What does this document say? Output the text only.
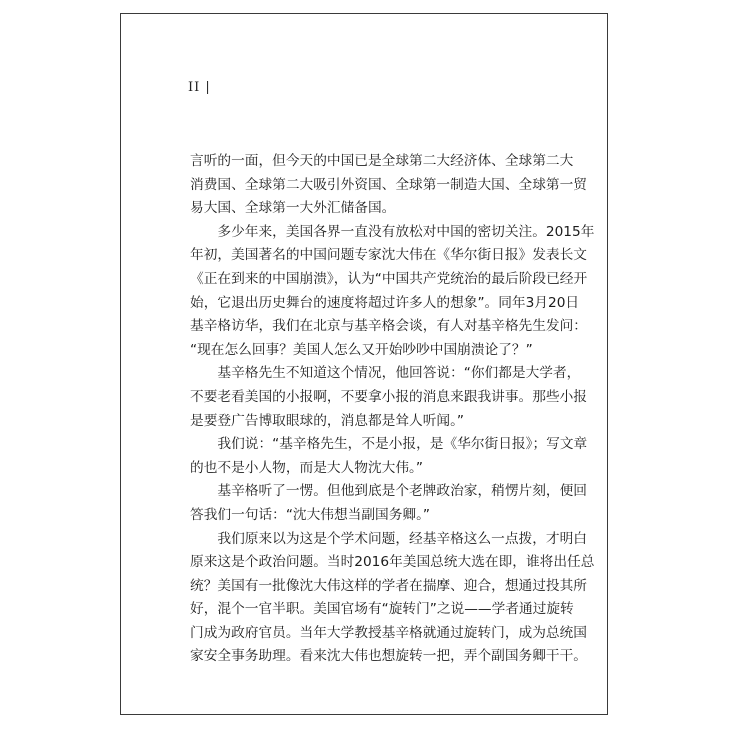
II |

言听的一面，但今天的中国已是全球第二大经济体、全球第二大
消费国、全球第二大吸引外资国、全球第一制造大国、全球第一贸
易大国、全球第一大外汇储备国。

多少年来，美国各界一直没有放松对中国的密切关注。2015年
年初，美国著名的中国问题专家沈大伟在《华尔街日报》发表长文
《正在到来的中国崩溃》，认为“中国共产党统治的最后阶段已经开
始，它退出历史舞台的速度将超过许多人的想象”。同年3月20日
基辛格访华，我们在北京与基辛格会谈，有人对基辛格先生发问：
“现在怎么回事？美国人怎么又开始吵吵中国崩溃论了？”

基辛格先生不知道这个情况，他回答说：“你们都是大学者，
不要老看美国的小报啊，不要拿小报的消息来跟我讲事。那些小报
是要登广告博取眼球的，消息都是耸人听闻。”

我们说：“基辛格先生，不是小报，是《华尔街日报》；写文章
的也不是小人物，而是大人物沈大伟。”

基辛格听了一愣。但他到底是个老牌政治家，稍愣片刻，便回
答我们一句话：“沈大伟想当副国务卿。”

我们原来以为这是个学术问题，经基辛格这么一点拨，才明白
原来这是个政治问题。当时2016年美国总统大选在即，谁将出任总
统？美国有一批像沈大伟这样的学者在揣摩、迎合，想通过投其所
好，混个一官半职。美国官场有“旋转门”之说——学者通过旋转
门成为政府官员。当年大学教授基辛格就通过旋转门，成为总统国
家安全事务助理。看来沈大伟也想旋转一把，弄个副国务卿干干。
